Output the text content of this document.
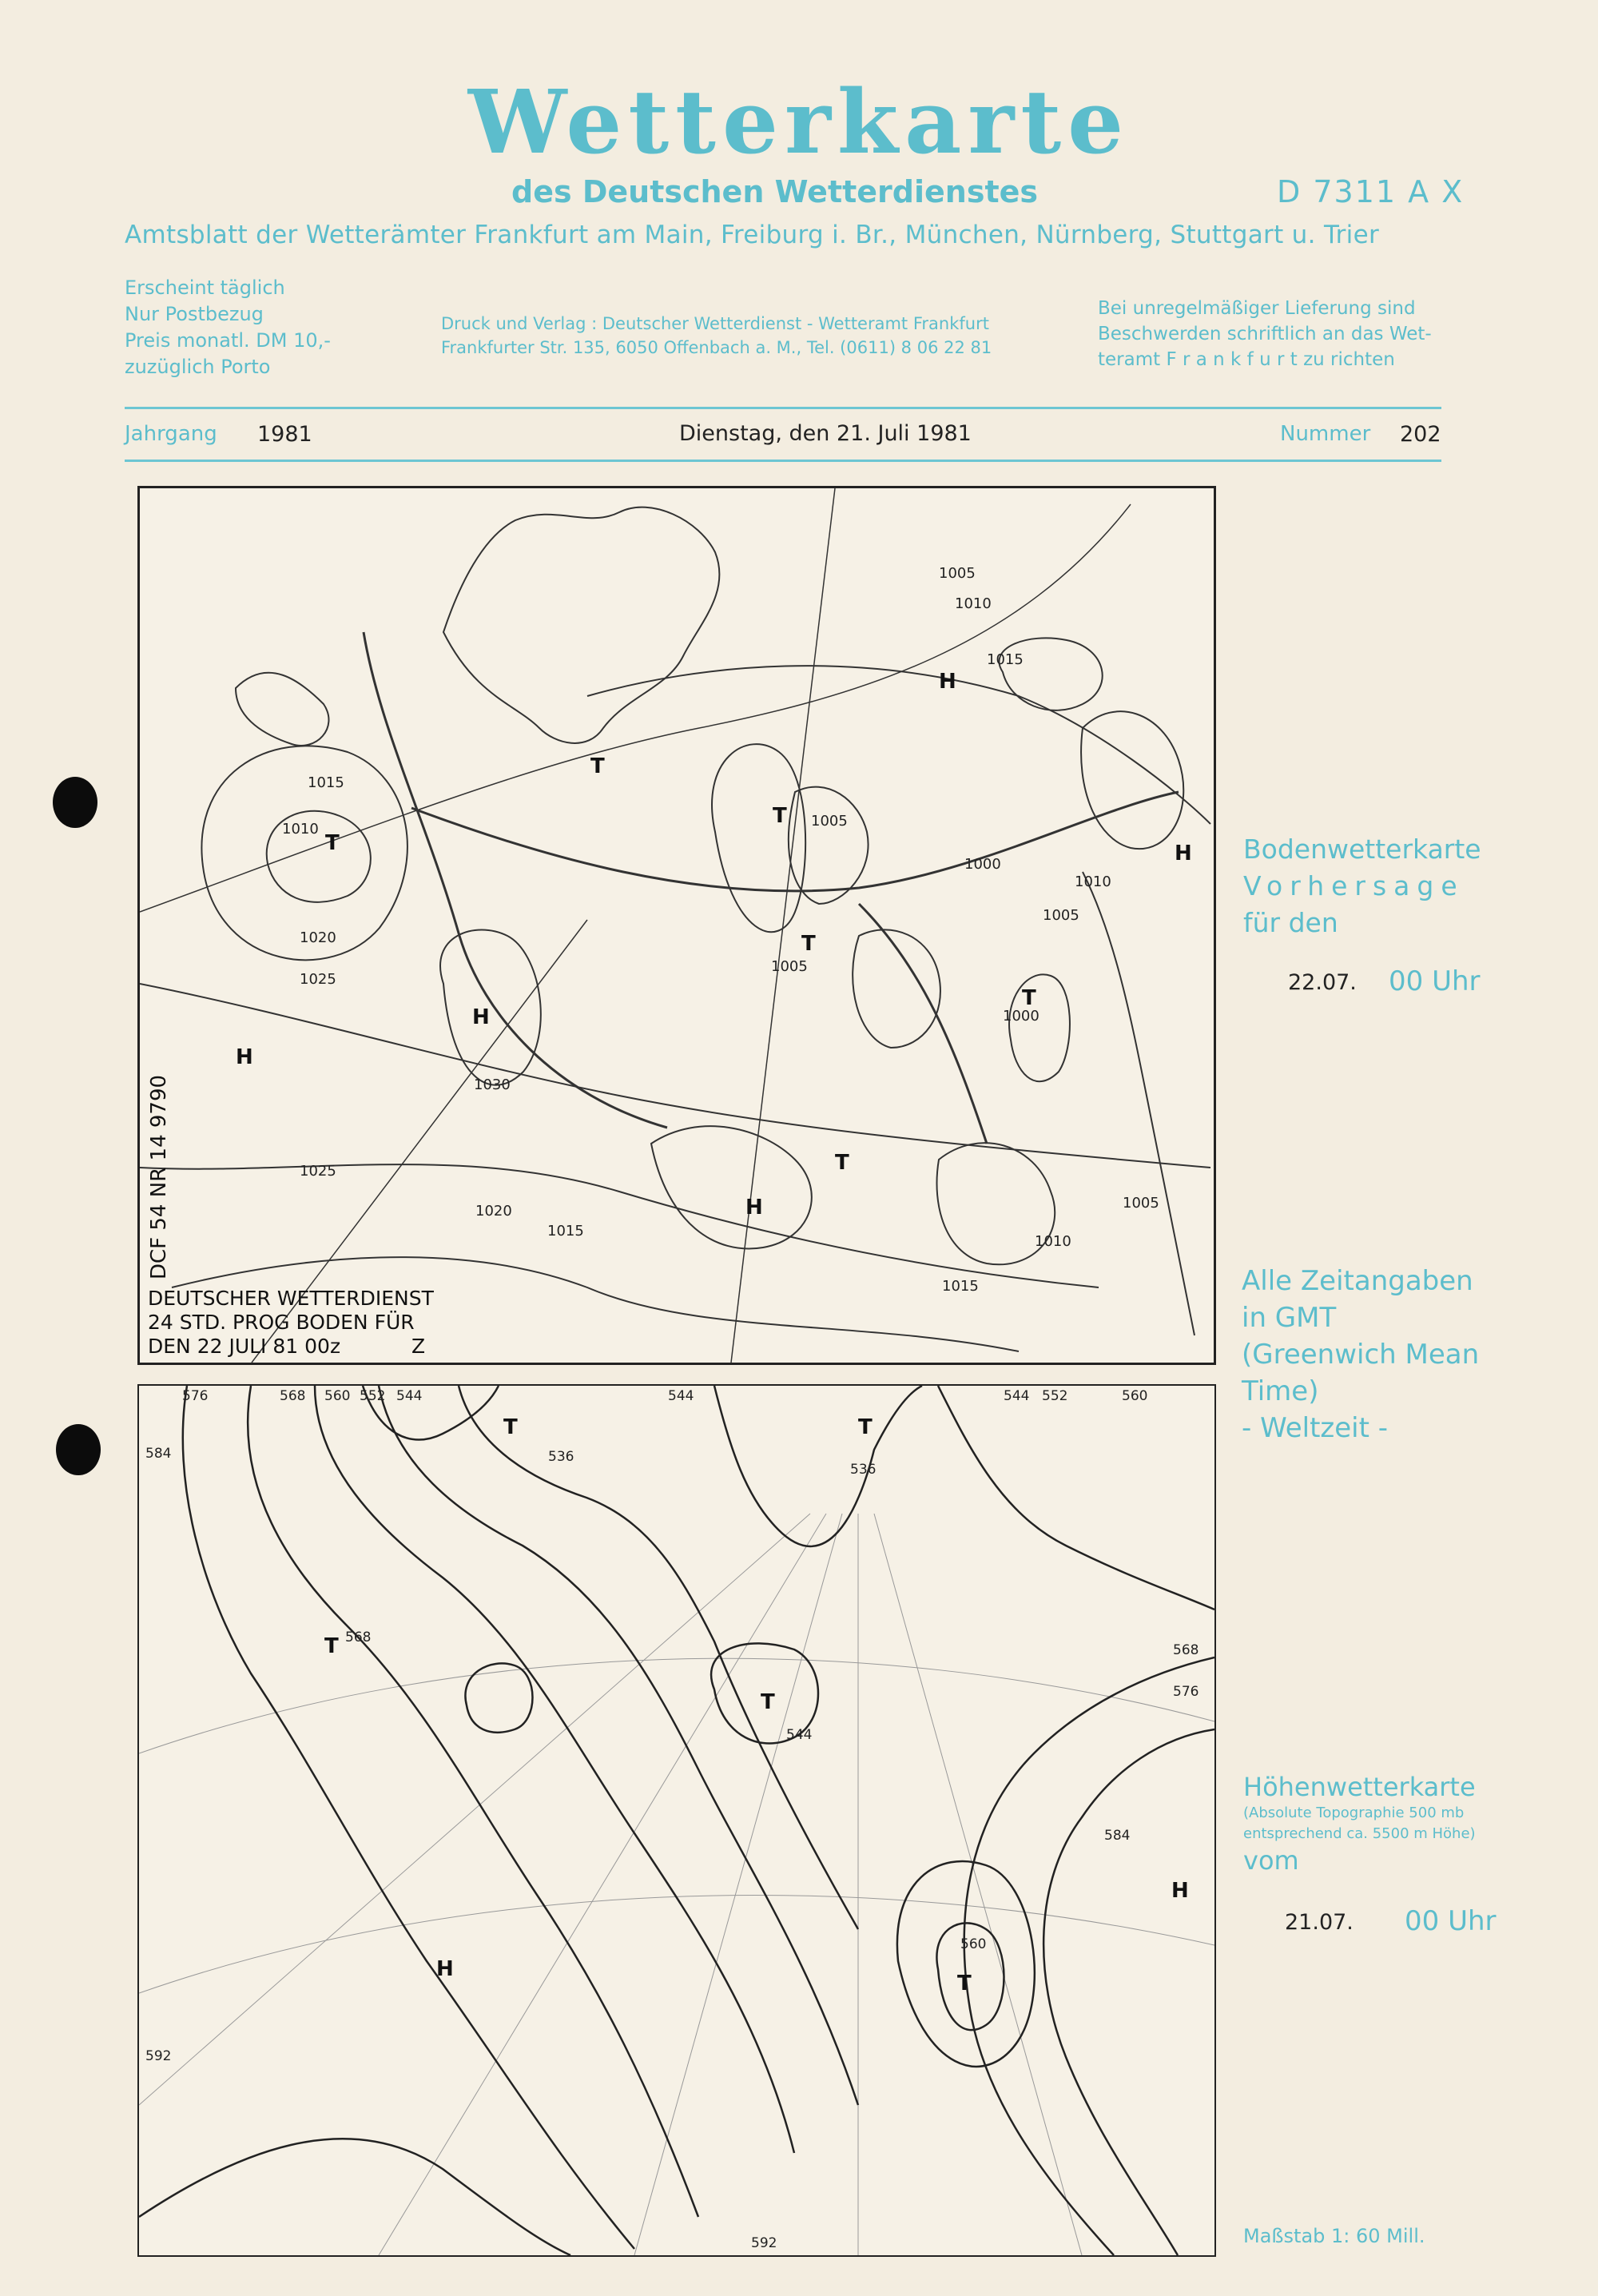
Wetterkarte
des Deutschen Wetterdienstes	D 7311 A X
Amtsblatt der Wetterämter Frankfurt am Main, Freiburg i. Br., München, Nürnberg, Stuttgart u. Trier
Erscheint täglich
Nur Postbezug
Preis monatl. DM 10,-
zuzüglich Porto
Druck und Verlag : Deutscher Wetterdienst - Wetteramt Frankfurt
Frankfurter Str. 135, 6050 Offenbach a. M., Tel. (0611) 8 06 22 81
Bei unregelmäßiger Lieferung sind
Beschwerden schriftlich an das Wet-
teramt F r a n k f u r t zu richten
Jahrgang 1981	Dienstag, den 21. Juli 1981	Nummer 202
1015
1010
1020
1025
1030
1025
1020
1015
1005
1010
1015
1005
1005
1000
1010
1005
1000
1005
1010
1015
T
H
H
T
T
T
H
H
T
T
H
DCF 54 NR 14 9790
DEUTSCHER WETTERDIENST
24 STD. PROG BODEN FÜR
DEN 22 JULI 81 00z	Z
576	568 560 552 544	544	544 552	560
584	536
536
568
544
568
576
584
560
592
592
T	T
T
T
T
H
H
Bodenwetterkarte
Vorhersage
für den
22.07. 00 Uhr
Alle Zeitangaben
in GMT
(Greenwich Mean
Time)
- Weltzeit -
Höhenwetterkarte
(Absolute Topographie 500 mb
entsprechend ca. 5500 m Höhe)
vom
21.07. 00 Uhr
Maßstab 1: 60 Mill.
